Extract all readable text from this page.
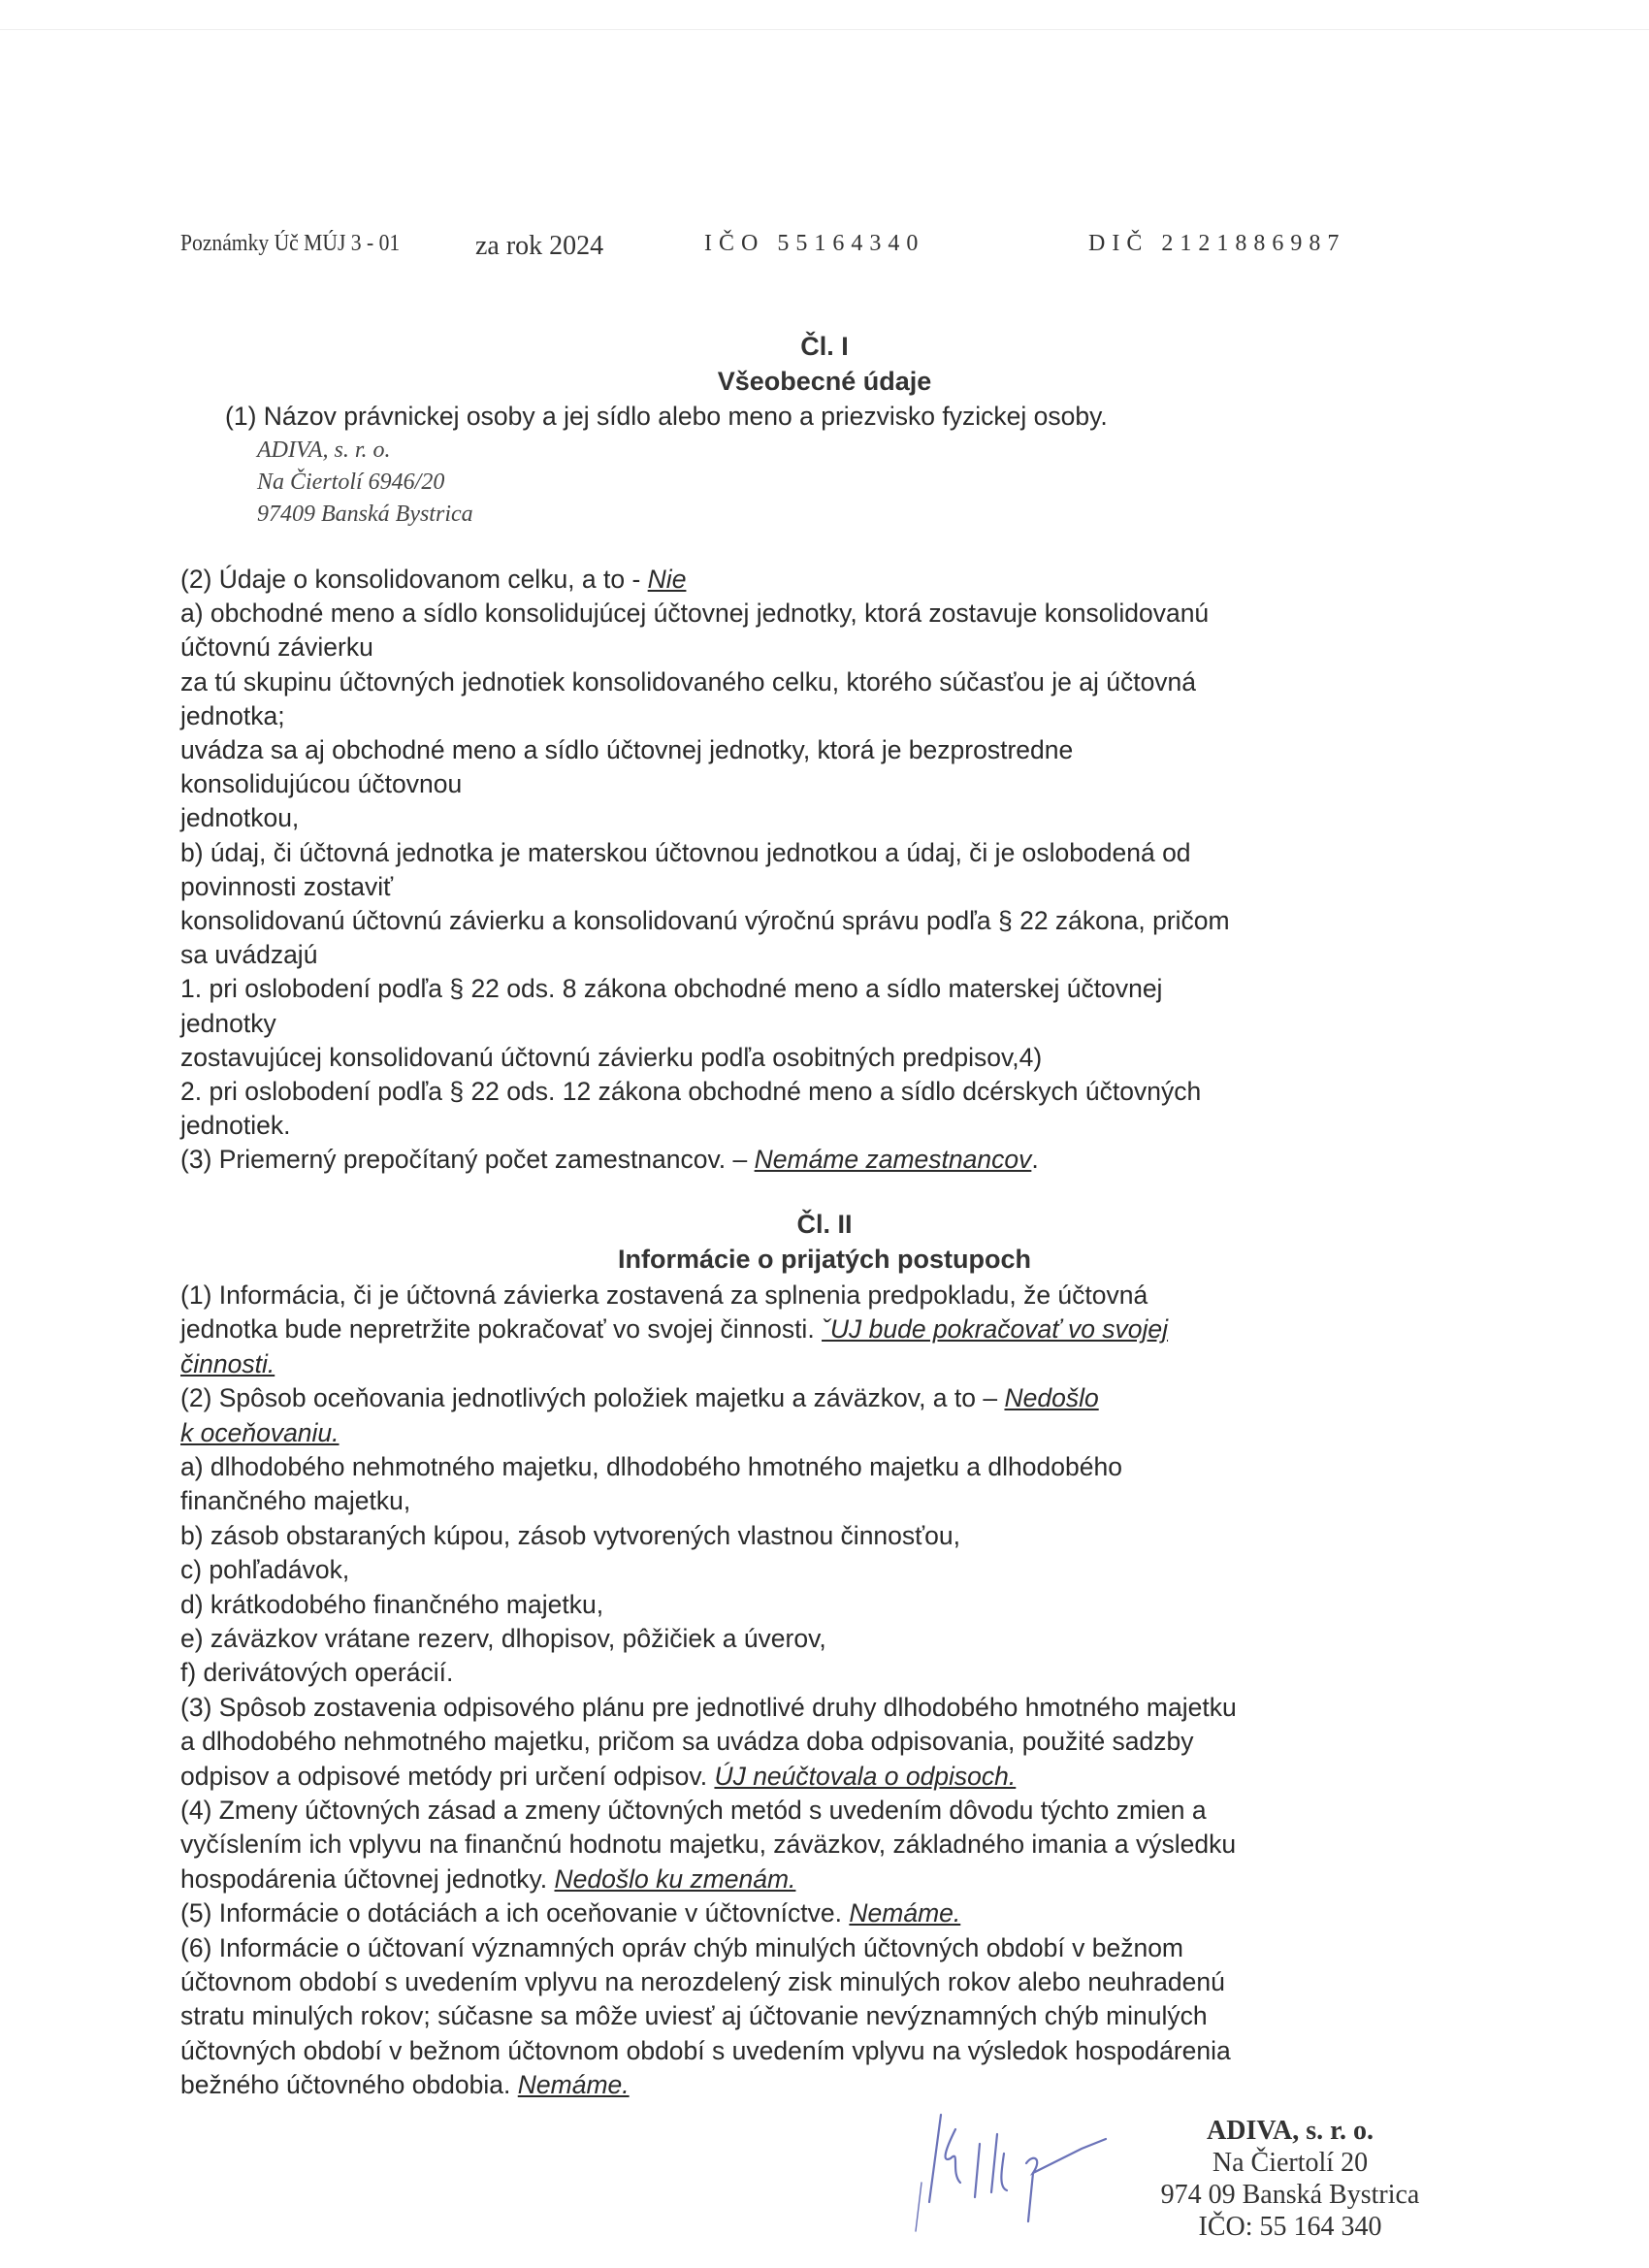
Poznámky Úč MÚJ 3 - 01	za rok 2024	IČO 55164340	DIČ 2121886987
Čl. I
Všeobecné údaje
(1) Názov právnickej osoby a jej sídlo alebo meno a priezvisko fyzickej osoby.
ADIVA, s. r. o.
Na Čiertolí 6946/20
97409 Banská Bystrica
(2) Údaje o konsolidovanom celku, a to - Nie
a) obchodné meno a sídlo konsolidujúcej účtovnej jednotky, ktorá zostavuje konsolidovanú
účtovnú závierku
za tú skupinu účtovných jednotiek konsolidovaného celku, ktorého súčasťou je aj účtovná
jednotka;
uvádza sa aj obchodné meno a sídlo účtovnej jednotky, ktorá je bezprostredne
konsolidujúcou účtovnou
jednotkou,
b) údaj, či účtovná jednotka je materskou účtovnou jednotkou a údaj, či je oslobodená od
povinnosti zostaviť
konsolidovanú účtovnú závierku a konsolidovanú výročnú správu podľa § 22 zákona, pričom
sa uvádzajú
1. pri oslobodení podľa § 22 ods. 8 zákona obchodné meno a sídlo materskej účtovnej
jednotky
zostavujúcej konsolidovanú účtovnú závierku podľa osobitných predpisov,4)
2. pri oslobodení podľa § 22 ods. 12 zákona obchodné meno a sídlo dcérskych účtovných
jednotiek.
(3) Priemerný prepočítaný počet zamestnancov. – Nemáme zamestnancov.
Čl. II
Informácie o prijatých postupoch
(1) Informácia, či je účtovná závierka zostavená za splnenia predpokladu, že účtovná
jednotka bude nepretržite pokračovať vo svojej činnosti. ˇUJ bude pokračovať vo svojej
činnosti.
(2) Spôsob oceňovania jednotlivých položiek majetku a záväzkov, a to – Nedošlo
k oceňovaniu.
a) dlhodobého nehmotného majetku, dlhodobého hmotného majetku a dlhodobého
finančného majetku,
b) zásob obstaraných kúpou, zásob vytvorených vlastnou činnosťou,
c) pohľadávok,
d) krátkodobého finančného majetku,
e) záväzkov vrátane rezerv, dlhopisov, pôžičiek a úverov,
f) derivátových operácií.
(3) Spôsob zostavenia odpisového plánu pre jednotlivé druhy dlhodobého hmotného majetku
a dlhodobého nehmotného majetku, pričom sa uvádza doba odpisovania, použité sadzby
odpisov a odpisové metódy pri určení odpisov. ÚJ neúčtovala o odpisoch.
(4) Zmeny účtovných zásad a zmeny účtovných metód s uvedením dôvodu týchto zmien a
vyčíslením ich vplyvu na finančnú hodnotu majetku, záväzkov, základného imania a výsledku
hospodárenia účtovnej jednotky. Nedošlo ku zmenám.
(5) Informácie o dotáciách a ich oceňovanie v účtovníctve. Nemáme.
(6) Informácie o účtovaní významných opráv chýb minulých účtovných období v bežnom
účtovnom období s uvedením vplyvu na nerozdelený zisk minulých rokov alebo neuhradenú
stratu minulých rokov; súčasne sa môže uviesť aj účtovanie nevýznamných chýb minulých
účtovných období v bežnom účtovnom období s uvedením vplyvu na výsledok hospodárenia
bežného účtovného obdobia. Nemáme.
ADIVA, s. r. o.
Na Čiertolí 20
974 09 Banská Bystrica
IČO: 55 164 340
